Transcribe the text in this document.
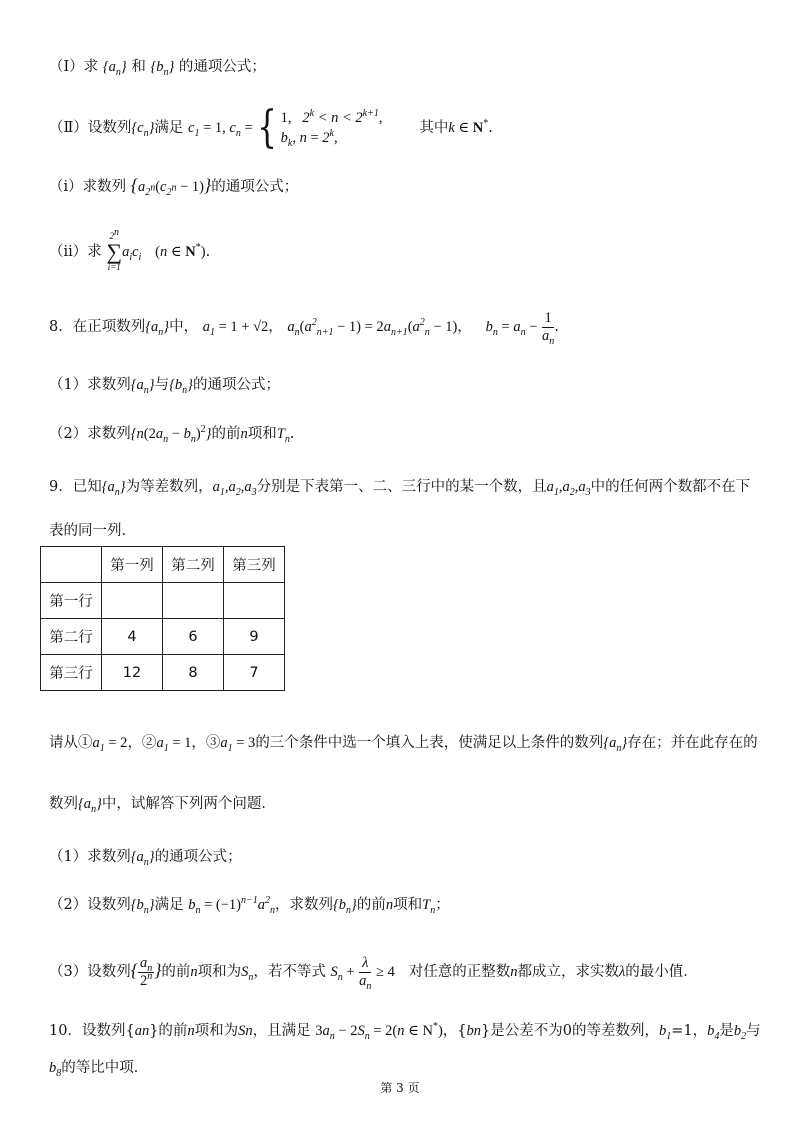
（Ⅰ）求 $\{a_n\}$ 和 $\{b_n\}$ 的通项公式；
（Ⅱ）设数列$\{c_n\}$满足 $c_1 = 1$, $c_n$ ={ 1,   $2^k < n < 2^{k+1}$,
$b_k$, $n = 2^k$,
其中k ∈ N*.
（i）求数列 $\{a_{2^n}(c_{2^n} - 1)\}$的通项公式；
（ii）求
2$^n$
∑
i=1
$a_ic_i$ (n ∈ N*).
8．在正项数列$\{a_n\}$中， $a_1 = 1 + √2$， $a_n(a^2_{n+1} - 1) = 2a_{n+1}(a^2_n - 1)$， $b_n = a_n - \frac{1}{a_n}$ .
（1）求数列$\{a_n\}$与$\{b_n\}$的通项公式；
（2）求数列$\{n(2a_n - b_n)^2\}$的前n项和$T_n$.
9．已知$\{a_n\}$为等差数列，$a_1,a_2,a_3$分别是下表第一、二、三行中的某一个数，且$a_1,a_2,a_3$中的任何两个数都不在下
表的同一列．
	第一列	第二列	第三列
第一行			
第二行	4	6	9
第三行	12	8	7
请从$①a_1 = 2$，$②a_1 = 1$，$③a_1 = 3$的三个条件中选一个填入上表，使满足以上条件的数列$\{a_n\}$存在；并在此存在的
数列$\{a_n\}$中，试解答下列两个问题．
（1）求数列$\{a_n\}$的通项公式；
（2）设数列$\{b_n\}$满足 $b_n = (-1)^{n-1}a^2_n$，求数列$\{b_n\}$的前n项和$T_n$；
（3）设数列{ $\frac{a_n}{2^n}$ }的前n项和为$S_n$，若不等式 $S_n + \frac{\lambda}{a_n} \ge 4$ 对任意的正整数n都成立，求实数λ的最小值．
10．设数列{an}的前n项和为Sn，且满足 $3a_n - 2S_n = 2(n$ ∈ N*)，{bn}是公差不为0的等差数列，$b_1=1$，$b_4$是$b_2$与
$b_8$的等比中项．
第 3 页
